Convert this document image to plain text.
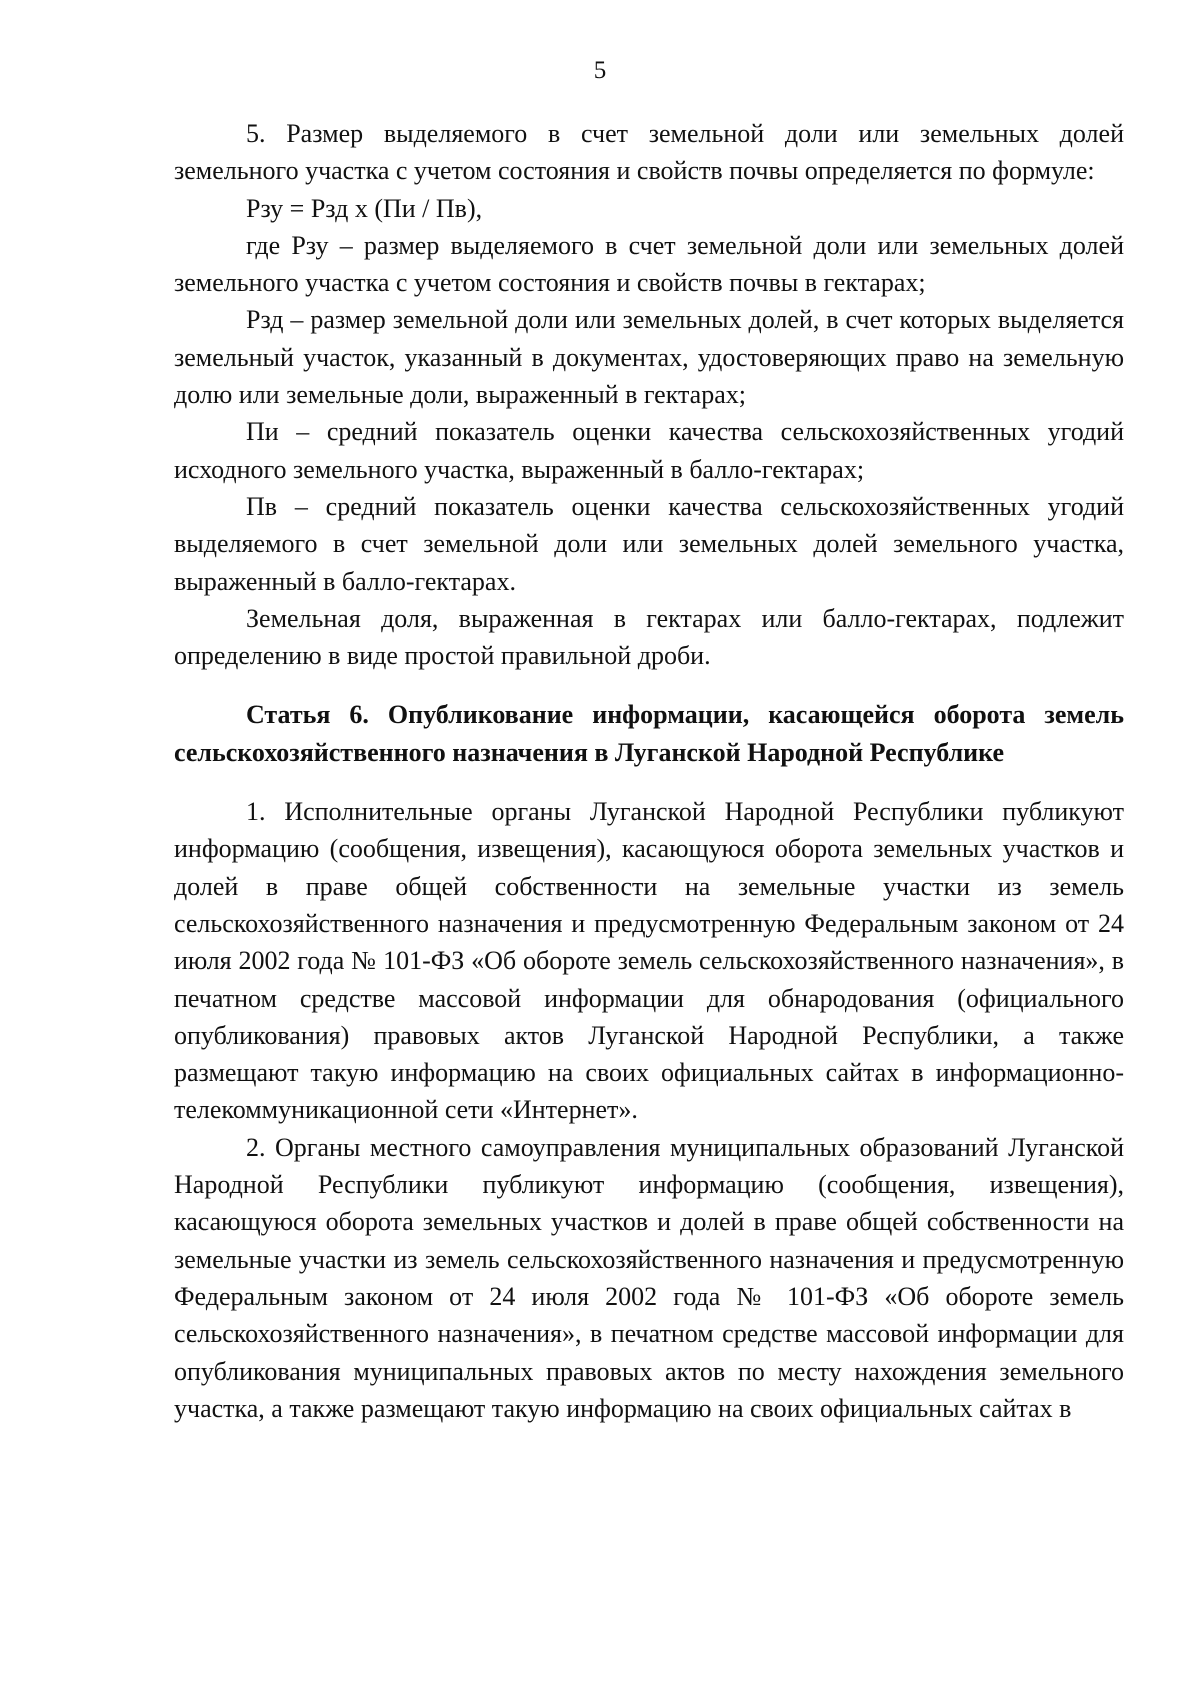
5

5. Размер выделяемого в счет земельной доли или земельных долей земельного участка с учетом состояния и свойств почвы определяется по формуле:

Рзу = Рзд х (Пи / Пв),

где Рзу – размер выделяемого в счет земельной доли или земельных долей земельного участка с учетом состояния и свойств почвы в гектарах;

Рзд – размер земельной доли или земельных долей, в счет которых выделяется земельный участок, указанный в документах, удостоверяющих право на земельную долю или земельные доли, выраженный в гектарах;

Пи – средний показатель оценки качества сельскохозяйственных угодий исходного земельного участка, выраженный в балло-гектарах;

Пв – средний показатель оценки качества сельскохозяйственных угодий выделяемого в счет земельной доли или земельных долей земельного участка, выраженный в балло-гектарах.

Земельная доля, выраженная в гектарах или балло-гектарах, подлежит определению в виде простой правильной дроби.

Статья 6. Опубликование информации, касающейся оборота земель сельскохозяйственного назначения в Луганской Народной Республике

1. Исполнительные органы Луганской Народной Республики публикуют информацию (сообщения, извещения), касающуюся оборота земельных участков и долей в праве общей собственности на земельные участки из земель сельскохозяйственного назначения и предусмотренную Федеральным законом от 24 июля 2002 года № 101-ФЗ «Об обороте земель сельскохозяйственного назначения», в печатном средстве массовой информации для обнародования (официального опубликования) правовых актов Луганской Народной Республики, а также размещают такую информацию на своих официальных сайтах в информационно-телекоммуникационной сети «Интернет».

2. Органы местного самоуправления муниципальных образований Луганской Народной Республики публикуют информацию (сообщения, извещения), касающуюся оборота земельных участков и долей в праве общей собственности на земельные участки из земель сельскохозяйственного назначения и предусмотренную Федеральным законом от 24 июля 2002 года № 101-ФЗ «Об обороте земель сельскохозяйственного назначения», в печатном средстве массовой информации для опубликования муниципальных правовых актов по месту нахождения земельного участка, а также размещают такую информацию на своих официальных сайтах в
